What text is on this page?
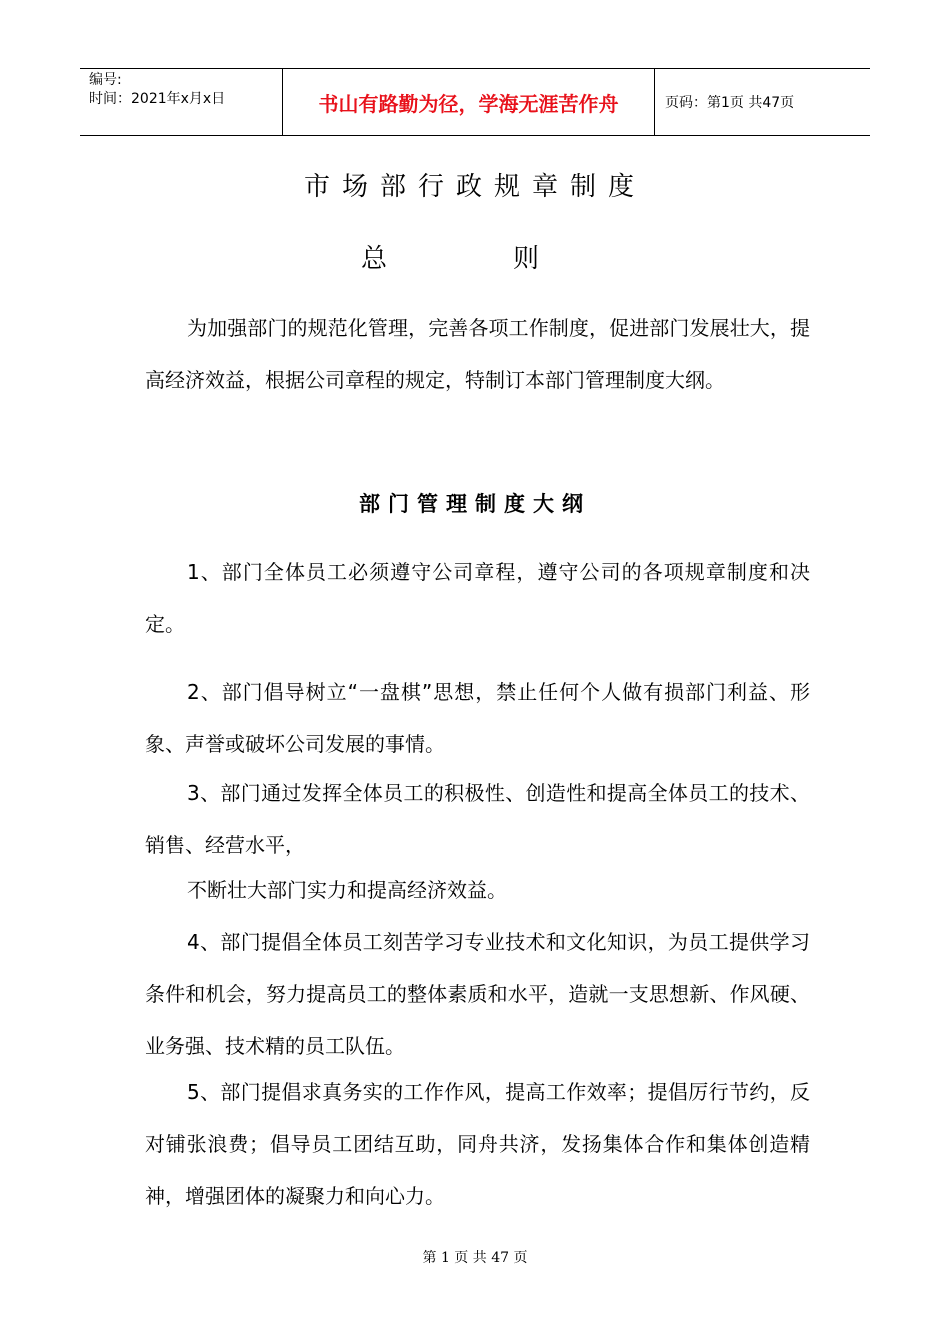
编号:
时间：2021年x月x日	书山有路勤为径，学海无涯苦作舟	页码：第1页 共47页
市场部行政规章制度
总　则
为加强部门的规范化管理，完善各项工作制度，促进部门发展壮大，提高经济效益，根据公司章程的规定，特制订本部门管理制度大纲。
部门管理制度大纲
1、部门全体员工必须遵守公司章程，遵守公司的各项规章制度和决定。
2、部门倡导树立“一盘棋”思想，禁止任何个人做有损部门利益、形象、声誉或破坏公司发展的事情。
3、部门通过发挥全体员工的积极性、创造性和提高全体员工的技术、销售、经营水平，
不断壮大部门实力和提高经济效益。
4、部门提倡全体员工刻苦学习专业技术和文化知识，为员工提供学习条件和机会，努力提高员工的整体素质和水平，造就一支思想新、作风硬、业务强、技术精的员工队伍。
5、部门提倡求真务实的工作作风，提高工作效率；提倡厉行节约，反对铺张浪费；倡导员工团结互助，同舟共济，发扬集体合作和集体创造精神，增强团体的凝聚力和向心力。
第 1 页 共 47 页
